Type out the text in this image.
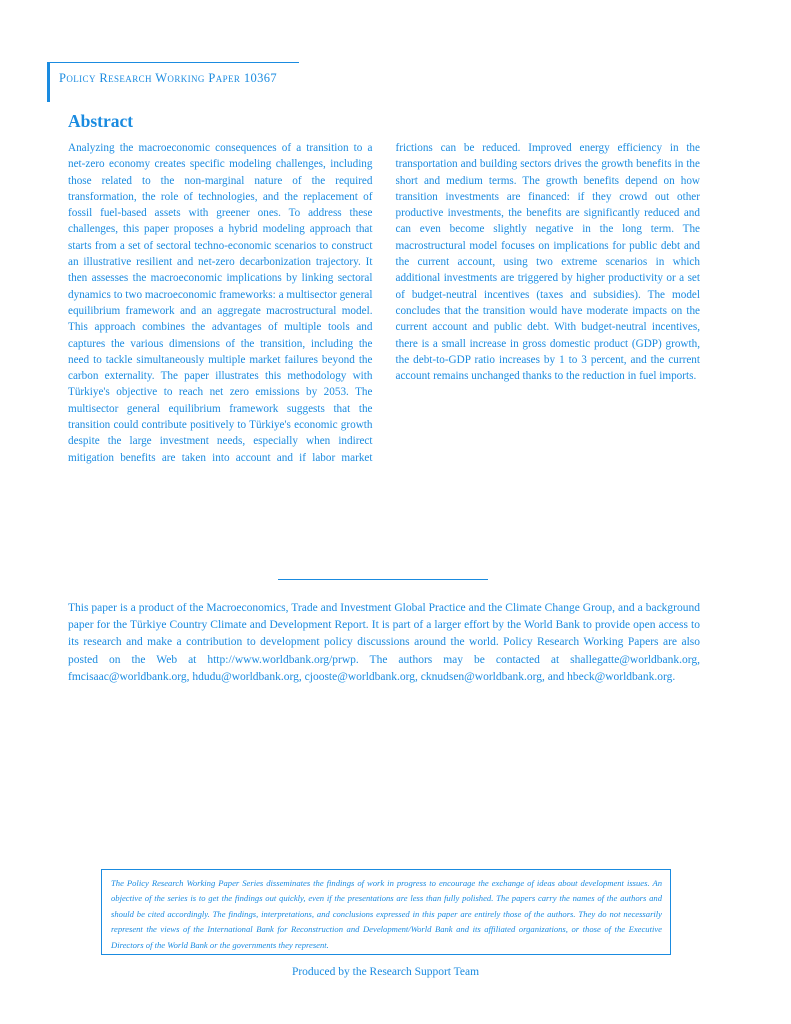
Policy Research Working Paper 10367
Abstract

Analyzing the macroeconomic consequences of a transition to a net-zero economy creates specific modeling challenges, including those related to the non-marginal nature of the required transformation, the role of technologies, and the replacement of fossil fuel-based assets with greener ones. To address these challenges, this paper proposes a hybrid modeling approach that starts from a set of sectoral techno-economic scenarios to construct an illustrative resilient and net-zero decarbonization trajectory. It then assesses the macroeconomic implications by linking sectoral dynamics to two macroeconomic frameworks: a multisector general equilibrium framework and an aggregate macrostructural model. This approach combines the advantages of multiple tools and captures the various dimensions of the transition, including the need to tackle simultaneously multiple market failures beyond the carbon externality. The paper illustrates this methodology with Türkiye's objective to reach net zero emissions by 2053. The multisector general equilibrium framework suggests that the transition could contribute positively to Türkiye's economic growth despite the large investment needs, especially when indirect mitigation benefits are taken into account and if labor market frictions can be reduced. Improved energy efficiency in the transportation and building sectors drives the growth benefits in the short and medium terms. The growth benefits depend on how transition investments are financed: if they crowd out other productive investments, the benefits are significantly reduced and can even become slightly negative in the long term. The macrostructural model focuses on implications for public debt and the current account, using two extreme scenarios in which additional investments are triggered by higher productivity or a set of budget-neutral incentives (taxes and subsidies). The model concludes that the transition would have moderate impacts on the current account and public debt. With budget-neutral incentives, there is a small increase in gross domestic product (GDP) growth, the debt-to-GDP ratio increases by 1 to 3 percent, and the current account remains unchanged thanks to the reduction in fuel imports.

This paper is a product of the Macroeconomics, Trade and Investment Global Practice and the Climate Change Group, and a background paper for the Türkiye Country Climate and Development Report. It is part of a larger effort by the World Bank to provide open access to its research and make a contribution to development policy discussions around the world. Policy Research Working Papers are also posted on the Web at http://www.worldbank.org/prwp. The authors may be contacted at shallegatte@worldbank.org, fmcisaac@worldbank.org, hdudu@worldbank.org, cjooste@worldbank.org, cknudsen@worldbank.org, and hbeck@worldbank.org.

The Policy Research Working Paper Series disseminates the findings of work in progress to encourage the exchange of ideas about development issues. An objective of the series is to get the findings out quickly, even if the presentations are less than fully polished. The papers carry the names of the authors and should be cited accordingly. The findings, interpretations, and conclusions expressed in this paper are entirely those of the authors. They do not necessarily represent the views of the International Bank for Reconstruction and Development/World Bank and its affiliated organizations, or those of the Executive Directors of the World Bank or the governments they represent.

Produced by the Research Support Team
